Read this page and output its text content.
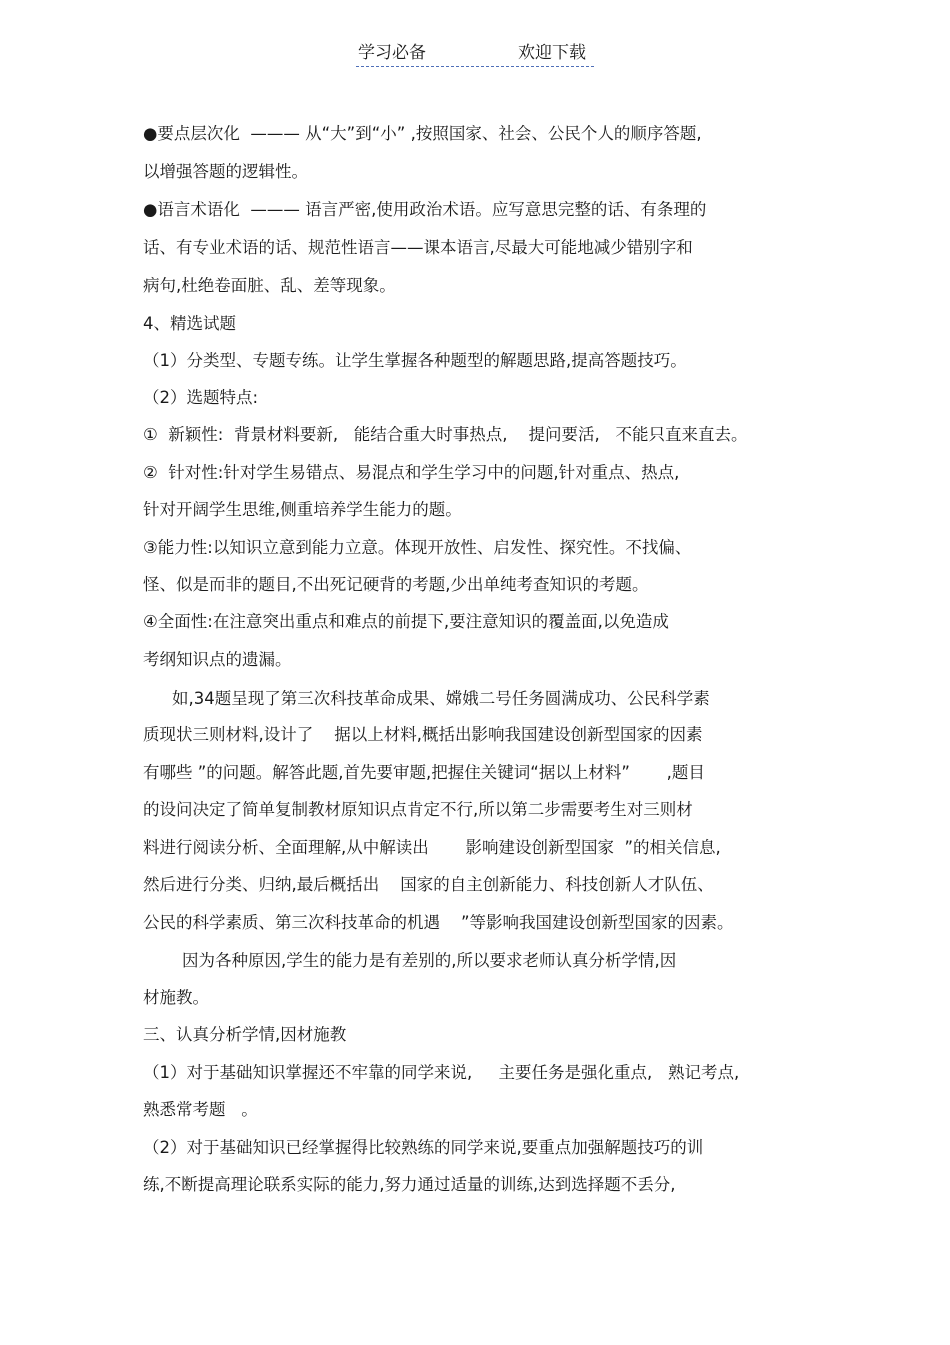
学习必备	欢迎下载
●要点层次化  ——— 从“大”到“小” ,按照国家、社会、公民个人的顺序答题,
以增强答题的逻辑性。
●语言术语化  ——— 语言严密,使用政治术语。应写意思完整的话、有条理的
话、有专业术语的话、规范性语言——课本语言,尽最大可能地减少错别字和
病句,杜绝卷面脏、乱、差等现象。
4、精选试题
（1）分类型、专题专练。让学生掌握各种题型的解题思路,提高答题技巧。
（2）选题特点:
①  新颖性:  背景材料要新,   能结合重大时事热点,    提问要活,   不能只直来直去。
②  针对性:针对学生易错点、易混点和学生学习中的问题,针对重点、热点,
针对开阔学生思维,侧重培养学生能力的题。
③能力性:以知识立意到能力立意。体现开放性、启发性、探究性。不找偏、
怪、似是而非的题目,不出死记硬背的考题,少出单纯考查知识的考题。
④全面性:在注意突出重点和难点的前提下,要注意知识的覆盖面,以免造成
考纲知识点的遗漏。
如,34题呈现了第三次科技革命成果、嫦娥二号任务圆满成功、公民科学素
质现状三则材料,设计了    据以上材料,概括出影响我国建设创新型国家的因素
有哪些 ”的问题。解答此题,首先要审题,把握住关键词“据以上材料”       ,题目
的设问决定了简单复制教材原知识点肯定不行,所以第二步需要考生对三则材
料进行阅读分析、全面理解,从中解读出       影响建设创新型国家  ”的相关信息,
然后进行分类、归纳,最后概括出    国家的自主创新能力、科技创新人才队伍、
公民的科学素质、第三次科技革命的机遇    ”等影响我国建设创新型国家的因素。
因为各种原因,学生的能力是有差别的,所以要求老师认真分析学情,因
材施教。
三、认真分析学情,因材施教
（1）对于基础知识掌握还不牢靠的同学来说,     主要任务是强化重点,   熟记考点,
熟悉常考题   。
（2）对于基础知识已经掌握得比较熟练的同学来说,要重点加强解题技巧的训
练,不断提高理论联系实际的能力,努力通过适量的训练,达到选择题不丢分,
